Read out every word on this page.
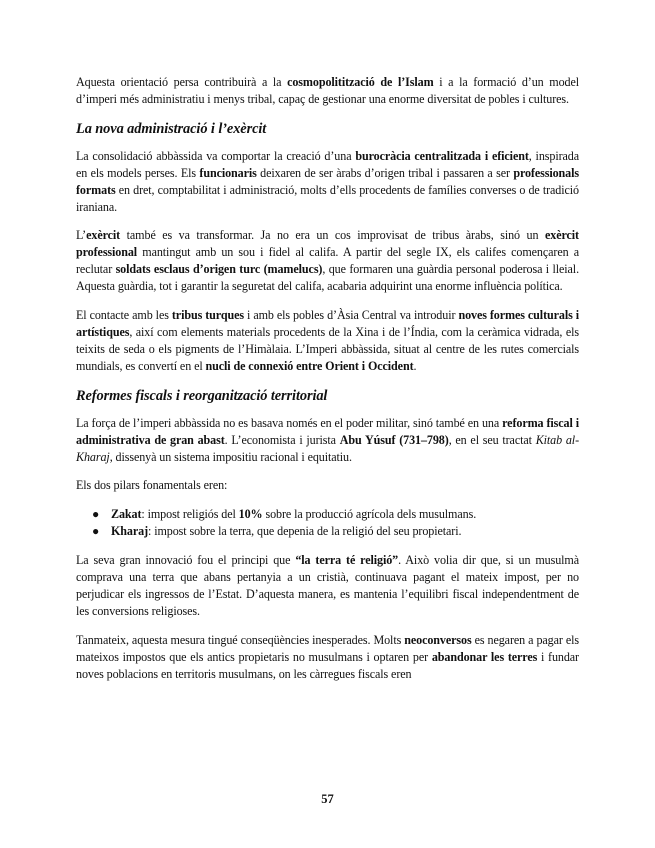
Aquesta orientació persa contribuirà a la cosmopolitització de l’Islam i a la formació d’un model d’imperi més administratiu i menys tribal, capaç de gestionar una enorme diversitat de pobles i cultures.

La nova administració i l’exèrcit

La consolidació abbàssida va comportar la creació d’una burocràcia centralitzada i eficient, inspirada en els models perses. Els funcionaris deixaren de ser àrabs d’origen tribal i passaren a ser professionals formats en dret, comptabilitat i administració, molts d’ells procedents de famílies converses o de tradició iraniana.

L’exèrcit també es va transformar. Ja no era un cos improvisat de tribus àrabs, sinó un exèrcit professional mantingut amb un sou i fidel al califa. A partir del segle IX, els califes començaren a reclutar soldats esclaus d’origen turc (mamelucs), que formaren una guàrdia personal poderosa i lleial. Aquesta guàrdia, tot i garantir la seguretat del califa, acabaria adquirint una enorme influència política.

El contacte amb les tribus turques i amb els pobles d’Àsia Central va introduir noves formes culturals i artístiques, així com elements materials procedents de la Xina i de l’Índia, com la ceràmica vidrada, els teixits de seda o els pigments de l’Himàlaia. L’Imperi abbàssida, situat al centre de les rutes comercials mundials, es convertí en el nucli de connexió entre Orient i Occident.

Reformes fiscals i reorganització territorial

La força de l’imperi abbàssida no es basava només en el poder militar, sinó també en una reforma fiscal i administrativa de gran abast. L’economista i jurista Abu Yúsuf (731–798), en el seu tractat Kitab al-Kharaj, dissenyà un sistema impositiu racional i equitatiu.

Els dos pilars fonamentals eren:

● Zakat: impost religiós del 10% sobre la producció agrícola dels musulmans.
● Kharaj: impost sobre la terra, que depenia de la religió del seu propietari.

La seva gran innovació fou el principi que “la terra té religió”. Això volia dir que, si un musulmà comprava una terra que abans pertanyia a un cristià, continuava pagant el mateix impost, per no perjudicar els ingressos de l’Estat. D’aquesta manera, es mantenia l’equilibri fiscal independentment de les conversions religioses.

Tanmateix, aquesta mesura tingué conseqüències inesperades. Molts neoconversos es negaren a pagar els mateixos impostos que els antics propietaris no musulmans i optaren per abandonar les terres i fundar noves poblacions en territoris musulmans, on les càrregues fiscals eren

57
